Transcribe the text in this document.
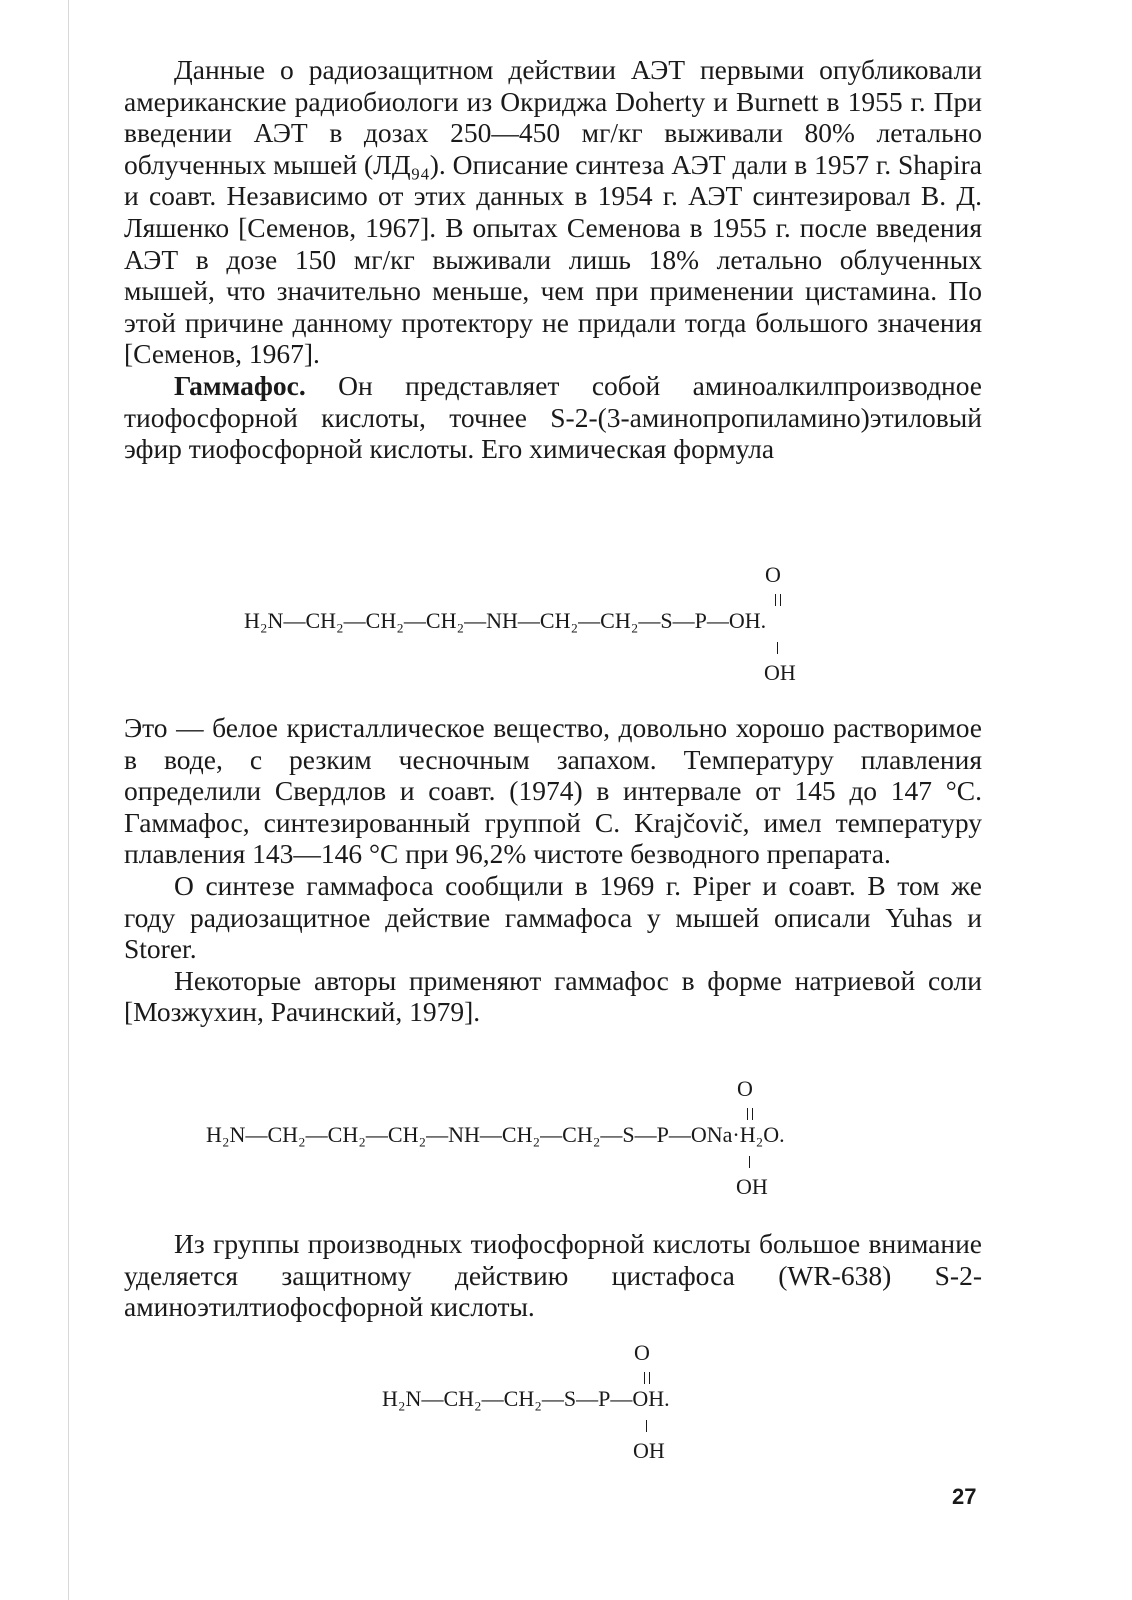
Данные о радиозащитном действии АЭТ первыми опубликовали американские радиобиологи из Окриджа Doherty и Burnett в 1955 г. При введении АЭТ в дозах 250—450 мг/кг выживали 80% летально облученных мышей (ЛД₉₄). Описание синтеза АЭТ дали в 1957 г. Shapira и соавт. Независимо от этих данных в 1954 г. АЭТ синтезировал В. Д. Ляшенко [Семенов, 1967]. В опытах Семенова в 1955 г. после введения АЭТ в дозе 150 мг/кг выживали лишь 18% летально облученных мышей, что значительно меньше, чем при применении цистамина. По этой причине данному протектору не придали тогда большого значения [Семенов, 1967].

Гаммафос. Он представляет собой аминоалкилпроизводное тиофосфорной кислоты, точнее S-2-(3-аминопропиламино)этиловый эфир тиофосфорной кислоты. Его химическая формула

O
H₂N—CH₂—CH₂—CH₂—NH—CH₂—CH₂—S—P—OH.
OH

Это — белое кристаллическое вещество, довольно хорошо растворимое в воде, с резким чесночным запахом. Температуру плавления определили Свердлов и соавт. (1974) в интервале от 145 до 147 °С. Гаммафос, синтезированный группой С. Krajčovič, имел температуру плавления 143—146 °С при 96,2% чистоте безводного препарата.

О синтезе гаммафоса сообщили в 1969 г. Piper и соавт. В том же году радиозащитное действие гаммафоса у мышей описали Yuhas и Storer.

Некоторые авторы применяют гаммафос в форме натриевой соли [Мозжухин, Рачинский, 1979].

O
H₂N—CH₂—CH₂—CH₂—NH—CH₂—CH₂—S—P—ONa·H₂O.
OH

Из группы производных тиофосфорной кислоты большое внимание уделяется защитному действию цистафоса (WR-638) S-2-аминоэтилтиофосфорной кислоты.

O
H₂N—CH₂—CH₂—S—P—OH.
OH
27
